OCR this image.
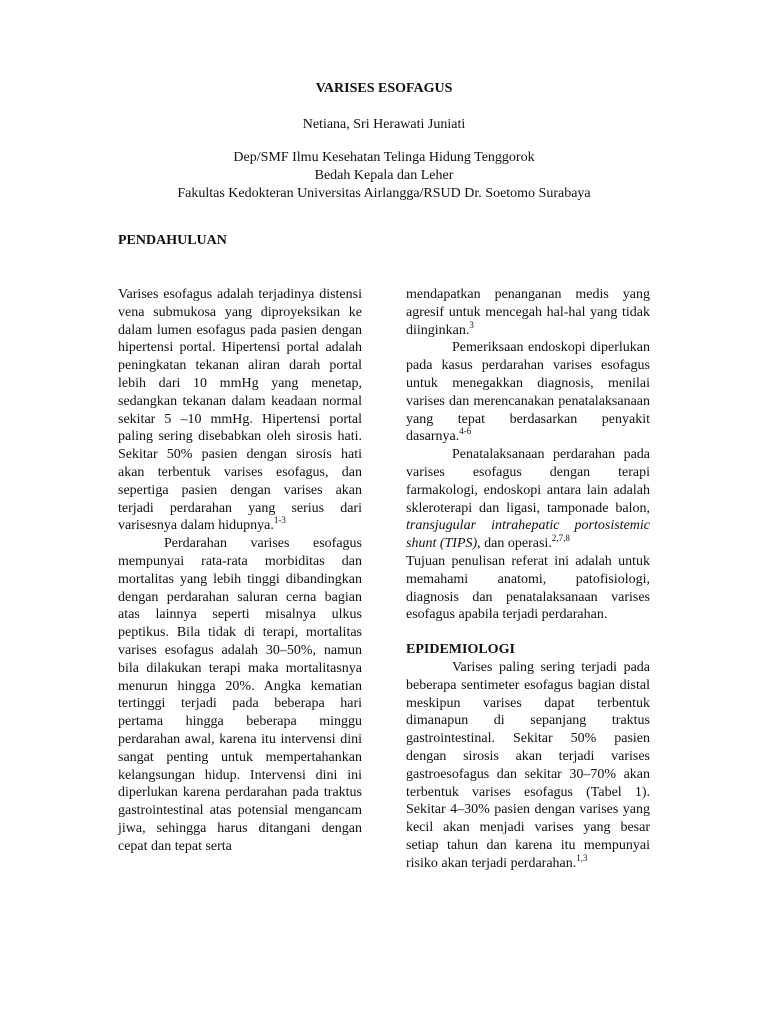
VARISES ESOFAGUS
Netiana, Sri Herawati Juniati
Dep/SMF Ilmu Kesehatan Telinga Hidung Tenggorok
Bedah Kepala dan Leher
Fakultas Kedokteran Universitas Airlangga/RSUD Dr. Soetomo Surabaya
PENDAHULUAN

Varises esofagus adalah terjadinya distensi vena submukosa yang diproyeksikan ke dalam lumen esofagus pada pasien dengan hipertensi portal. Hipertensi portal adalah peningkatan tekanan aliran darah portal lebih dari 10 mmHg yang menetap, sedangkan tekanan dalam keadaan normal sekitar 5 –10 mmHg. Hipertensi portal paling sering disebabkan oleh sirosis hati. Sekitar 50% pasien dengan sirosis hati akan terbentuk varises esofagus, dan sepertiga pasien dengan varises akan terjadi perdarahan yang serius dari varisesnya dalam hidupnya.$^{1-3}$

Perdarahan varises esofagus mempunyai rata-rata morbiditas dan mortalitas yang lebih tinggi dibandingkan dengan perdarahan saluran cerna bagian atas lainnya seperti misalnya ulkus peptikus. Bila tidak di terapi, mortalitas varises esofagus adalah 30–50%, namun bila dilakukan terapi maka mortalitasnya menurun hingga 20%. Angka kematian tertinggi terjadi pada beberapa hari pertama hingga beberapa minggu perdarahan awal, karena itu intervensi dini sangat penting untuk mempertahankan kelangsungan hidup. Intervensi dini ini diperlukan karena perdarahan pada traktus gastrointestinal atas potensial mengancam jiwa, sehingga harus ditangani dengan cepat dan tepat serta

mendapatkan penanganan medis yang agresif untuk mencegah hal-hal yang tidak diinginkan.$^3$

Pemeriksaan endoskopi diperlukan pada kasus perdarahan varises esofagus untuk menegakkan diagnosis, menilai varises dan merencanakan penatalaksanaan yang tepat berdasarkan penyakit dasarnya.$^{4-6}$

Penatalaksanaan perdarahan pada varises esofagus dengan terapi farmakologi, endoskopi antara lain adalah skleroterapi dan ligasi, tamponade balon, transjugular intrahepatic portosistemic shunt (TIPS), dan operasi.$^{2,7,8}$

Tujuan penulisan referat ini adalah untuk memahami anatomi, patofisiologi, diagnosis dan penatalaksanaan varises esofagus apabila terjadi perdarahan.

EPIDEMIOLOGI

Varises paling sering terjadi pada beberapa sentimeter esofagus bagian distal meskipun varises dapat terbentuk dimanapun di sepanjang traktus gastrointestinal. Sekitar 50% pasien dengan sirosis akan terjadi varises gastroesofagus dan sekitar 30–70% akan terbentuk varises esofagus (Tabel 1). Sekitar 4–30% pasien dengan varises yang kecil akan menjadi varises yang besar setiap tahun dan karena itu mempunyai risiko akan terjadi perdarahan.$^{1,3}$
